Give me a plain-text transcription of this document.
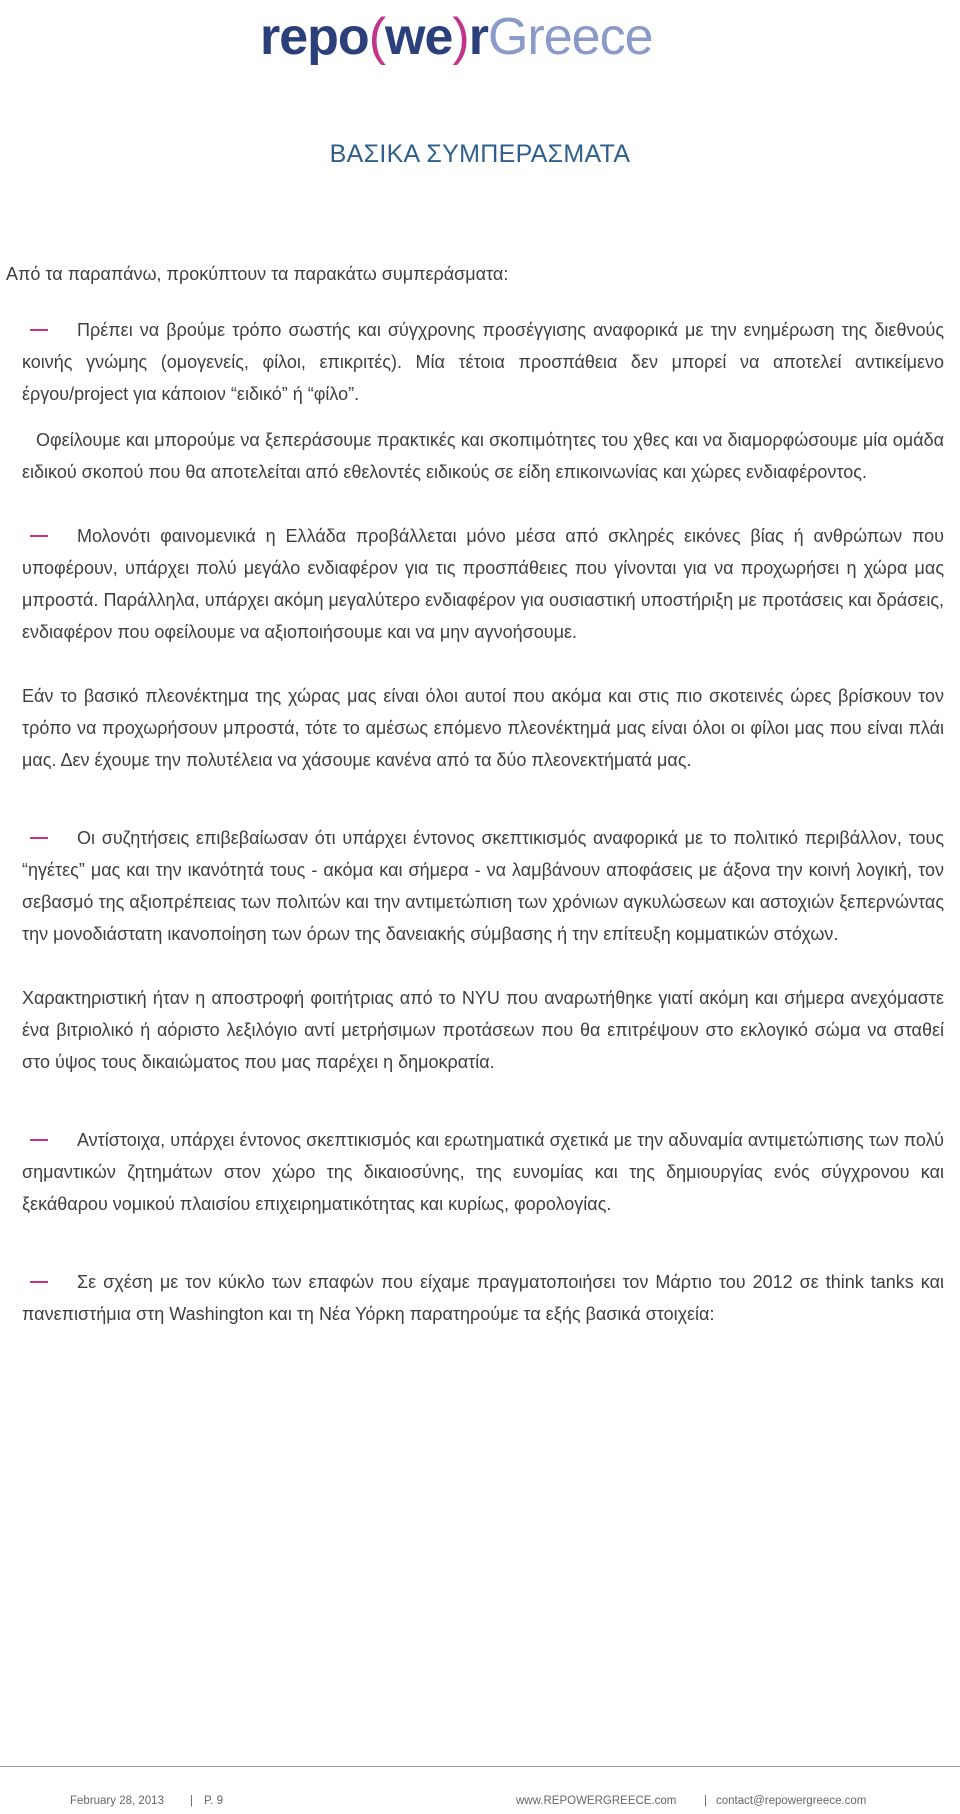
repo(we)rGreece
ΒΑΣΙΚΑ ΣΥΜΠΕΡΑΣΜΑΤΑ
Από τα παραπάνω, προκύπτουν τα παρακάτω συμπεράσματα:

Πρέπει να βρούμε τρόπο σωστής και σύγχρονης προσέγγισης αναφορικά με την ενημέρωση της διεθνούς κοινής γνώμης (ομογενείς, φίλοι, επικριτές). Μία τέτοια προσπάθεια δεν μπορεί να αποτελεί αντικείμενο έργου/project για κάποιον “ειδικό” ή “φίλο”.

Οφείλουμε και μπορούμε να ξεπεράσουμε πρακτικές και σκοπιμότητες του χθες και να διαμορφώσουμε μία ομάδα ειδικού σκοπού που θα αποτελείται από εθελοντές ειδικούς σε είδη επικοινωνίας και χώρες ενδιαφέροντος.

Μολονότι φαινομενικά η Ελλάδα προβάλλεται μόνο μέσα από σκληρές εικόνες βίας ή ανθρώπων που υποφέρουν, υπάρχει πολύ μεγάλο ενδιαφέρον για τις προσπάθειες που γίνονται για να προχωρήσει η χώρα μας μπροστά. Παράλληλα, υπάρχει ακόμη μεγαλύτερο ενδιαφέρον για ουσιαστική υποστήριξη με προτάσεις και δράσεις, ενδιαφέρον που οφείλουμε να αξιοποιήσουμε και να μην αγνοήσουμε.

Εάν το βασικό πλεονέκτημα της χώρας μας είναι όλοι αυτοί που ακόμα και στις πιο σκοτεινές ώρες βρίσκουν τον τρόπο να προχωρήσουν μπροστά, τότε το αμέσως επόμενο πλεονέκτημά μας είναι όλοι οι φίλοι μας που είναι πλάι μας. Δεν έχουμε την πολυτέλεια να χάσουμε κανένα από τα δύο πλεονεκτήματά μας.

Οι συζητήσεις επιβεβαίωσαν ότι υπάρχει έντονος σκεπτικισμός αναφορικά με το πολιτικό περιβάλλον, τους “ηγέτες” μας και την ικανότητά τους - ακόμα και σήμερα - να λαμβάνουν αποφάσεις με άξονα την κοινή λογική, τον σεβασμό της αξιοπρέπειας των πολιτών και την αντιμετώπιση των χρόνιων αγκυλώσεων και αστοχιών ξεπερνώντας την μονοδιάστατη ικανοποίηση των όρων της δανειακής σύμβασης ή την επίτευξη κομματικών στόχων.

Χαρακτηριστική ήταν η αποστροφή φοιτήτριας από το NYU που αναρωτήθηκε γιατί ακόμη και σήμερα ανεχόμαστε ένα βιτριολικό ή αόριστο λεξιλόγιο αντί μετρήσιμων προτάσεων που θα επιτρέψουν στο εκλογικό σώμα να σταθεί στο ύψος τους δικαιώματος που μας παρέχει η δημοκρατία.

Αντίστοιχα, υπάρχει έντονος σκεπτικισμός και ερωτηματικά σχετικά με την αδυναμία αντιμετώπισης των πολύ σημαντικών ζητημάτων στον χώρο της δικαιοσύνης, της ευνομίας και της δημιουργίας ενός σύγχρονου και ξεκάθαρου νομικού πλαισίου επιχειρηματικότητας και κυρίως, φορολογίας.

Σε σχέση με τον κύκλο των επαφών που είχαμε πραγματοποιήσει τον Μάρτιο του 2012 σε think tanks και πανεπιστήμια στη Washington και τη Νέα Υόρκη παρατηρούμε τα εξής βασικά στοιχεία:

February 28, 2013 | P. 9	www.REPOWERGREECE.com | contact@repowergreece.com
